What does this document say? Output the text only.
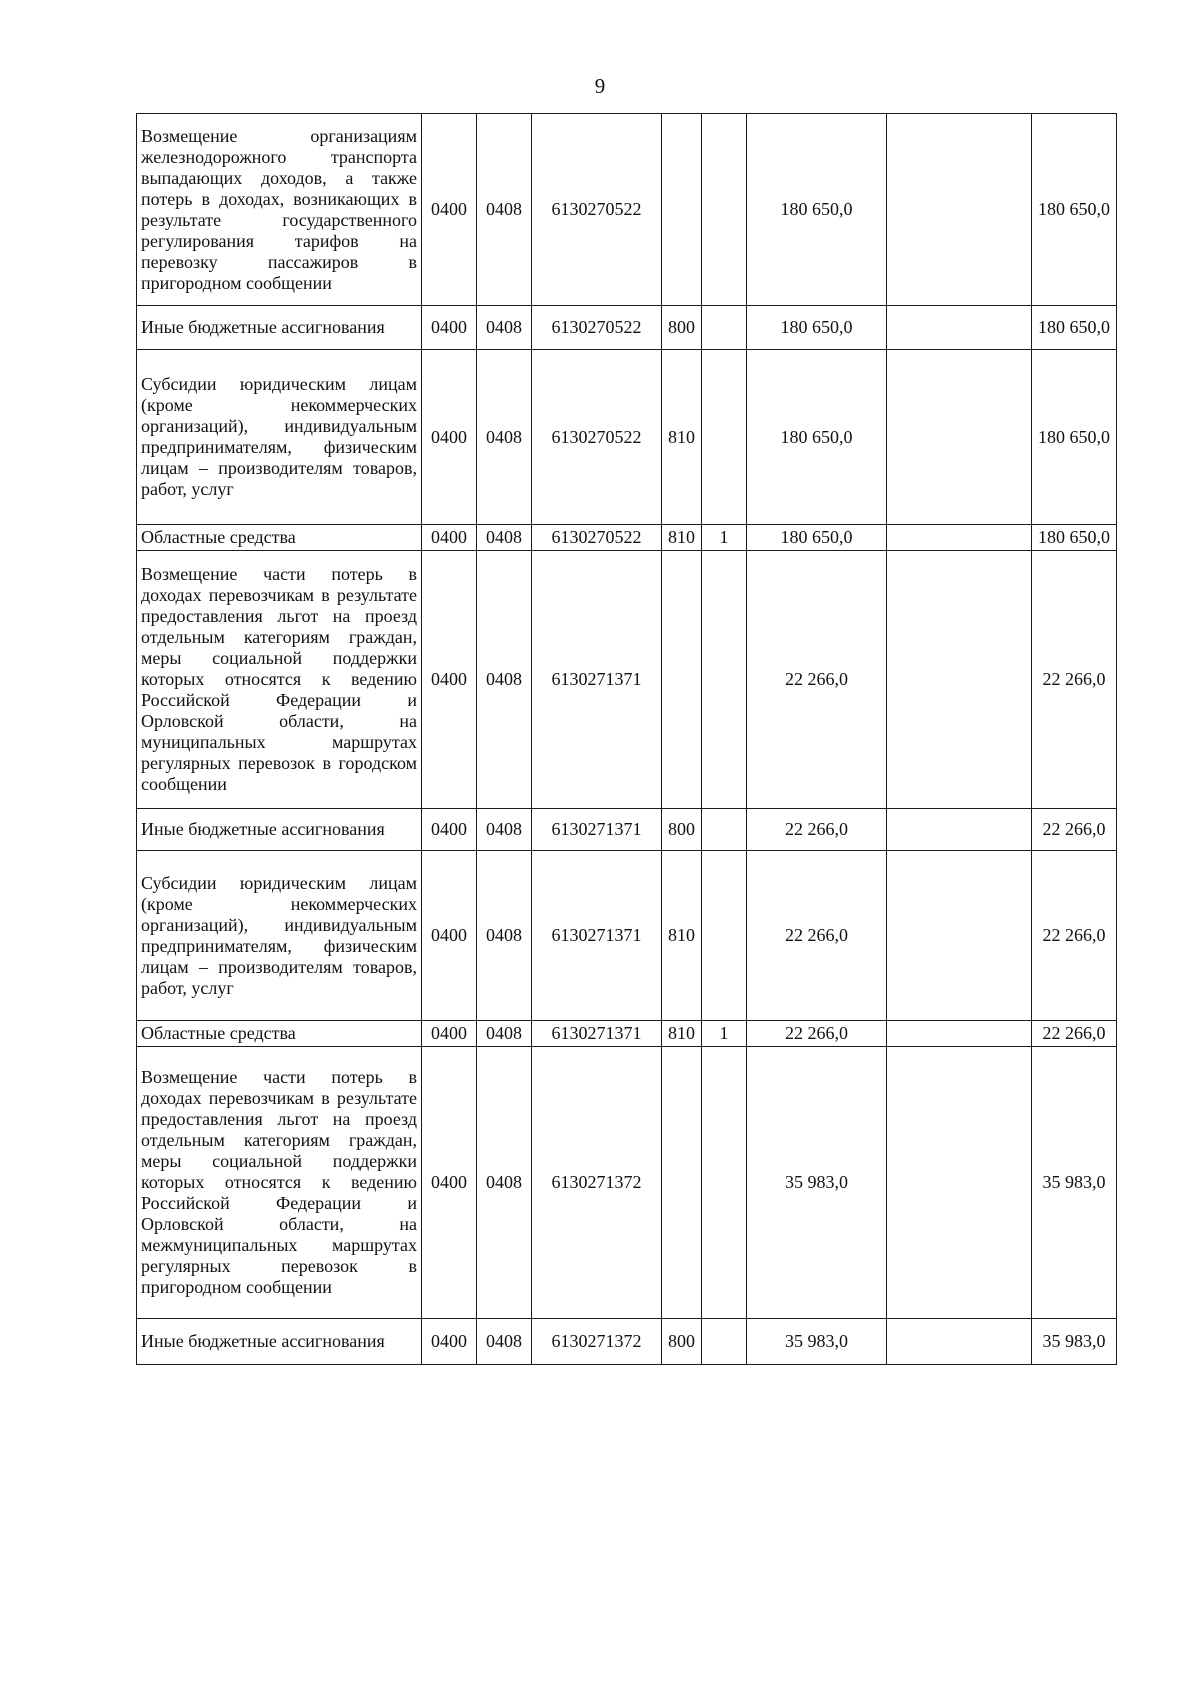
9
Возмещение организациям железнодорожного транспорта выпадающих доходов, а также потерь в доходах, возникающих в результате государственного регулирования тарифов на перевозку пассажиров в пригородном сообщении	0400	0408	6130270522			180 650,0		180 650,0
Иные бюджетные ассигнования	0400	0408	6130270522	800		180 650,0		180 650,0
Субсидии юридическим лицам (кроме некоммерческих организаций), индивидуальным предпринимателям, физическим лицам – производителям товаров, работ, услуг	0400	0408	6130270522	810		180 650,0		180 650,0
Областные средства	0400	0408	6130270522	810	1	180 650,0		180 650,0
Возмещение части потерь в доходах перевозчикам в результате предоставления льгот на проезд отдельным категориям граждан, меры социальной поддержки которых относятся к ведению Российской Федерации и Орловской области, на муниципальных маршрутах регулярных перевозок в городском сообщении	0400	0408	6130271371			22 266,0		22 266,0
Иные бюджетные ассигнования	0400	0408	6130271371	800		22 266,0		22 266,0
Субсидии юридическим лицам (кроме некоммерческих организаций), индивидуальным предпринимателям, физическим лицам – производителям товаров, работ, услуг	0400	0408	6130271371	810		22 266,0		22 266,0
Областные средства	0400	0408	6130271371	810	1	22 266,0		22 266,0
Возмещение части потерь в доходах перевозчикам в результате предоставления льгот на проезд отдельным категориям граждан, меры социальной поддержки которых относятся к ведению Российской Федерации и Орловской области, на межмуниципальных маршрутах регулярных перевозок в пригородном сообщении	0400	0408	6130271372			35 983,0		35 983,0
Иные бюджетные ассигнования	0400	0408	6130271372	800		35 983,0		35 983,0
